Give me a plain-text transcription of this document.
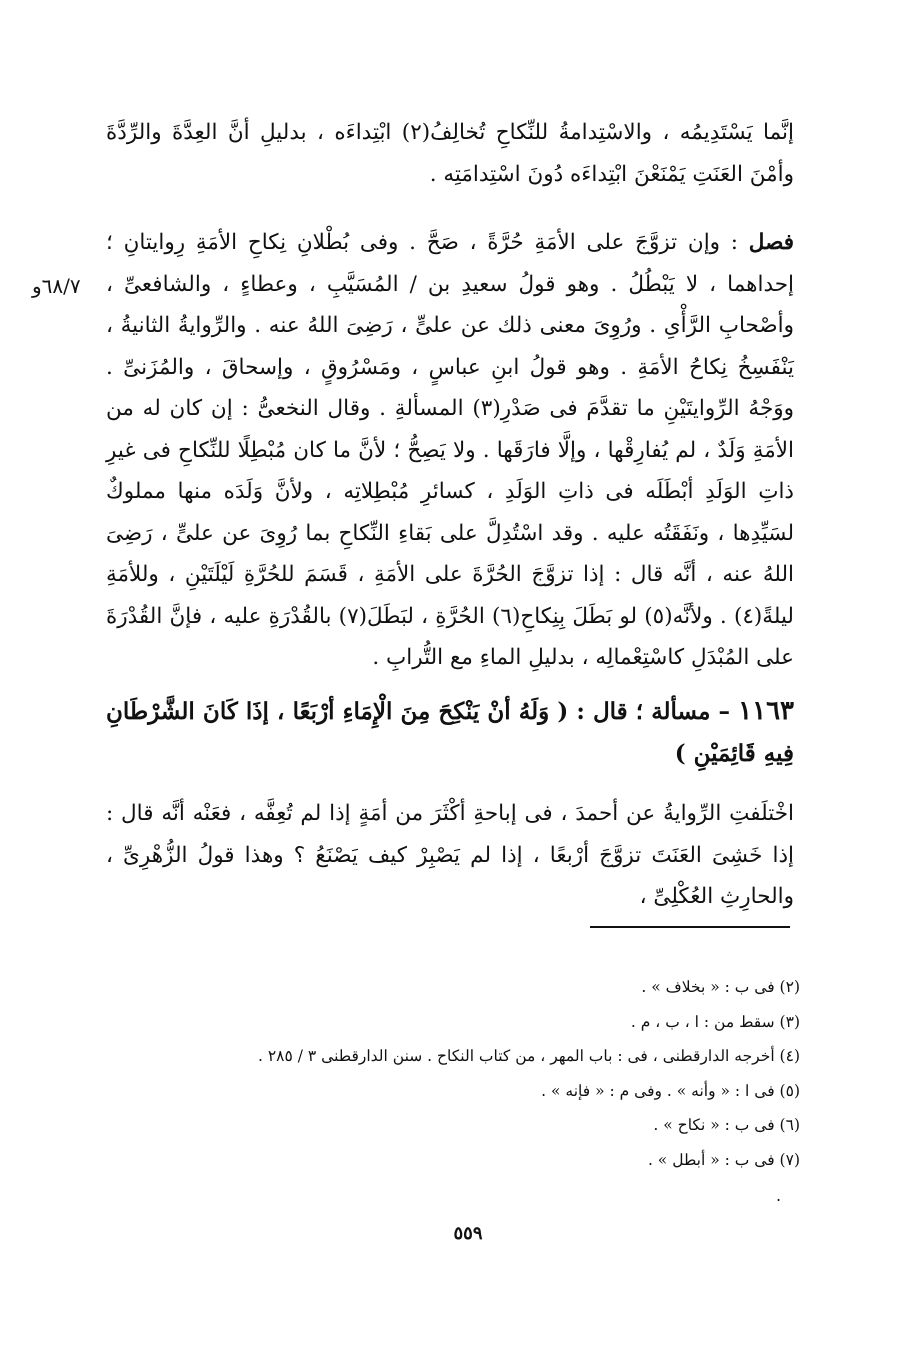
إنَّما يَسْتَدِيمُه ، والاسْتِدامةُ للنِّكاحِ تُخالِفُ(٢) ابْتِداءَه ، بدليلِ أنَّ العِدَّةَ والرِّدَّةَ وأمْنَ العَنَتِ يَمْنَعْنَ ابْتِداءَه دُونَ اسْتِدامَتِه .

فصل : وإن تزوَّجَ على الأمَةِ حُرَّةً ، صَحَّ . وفى بُطْلانِ نِكاحِ الأمَةِ رِوايتانِ ؛ إحداهما ، لا يَبْطُلُ . وهو قولُ سعيدِ بن / المُسَيَّبِ ، وعطاءٍ ، والشافعىِّ ، وأصْحابِ الرَّأْىِ . ورُوِىَ معنى ذلك عن علىٍّ ، رَضِىَ اللهُ عنه . والرِّوايةُ الثانيةُ ، يَنْفَسِخُ نِكاحُ الأمَةِ . وهو قولُ ابنِ عباسٍ ، ومَسْرُوقٍ ، وإسحاقَ ، والمُزَنىِّ . ووَجْهُ الرِّوايتَيْنِ ما تقدَّمَ فى صَدْرِ(٣) المسألةِ . وقال النخعىُّ : إن كان له من الأمَةِ وَلَدٌ ، لم يُفارِقْها ، وإلَّا فارَقَها . ولا يَصِحُّ ؛ لأنَّ ما كان مُبْطِلًا للنِّكاحِ فى غيرِ ذاتِ الوَلَدِ أبْطَلَه فى ذاتِ الوَلَدِ ، كسائرِ مُبْطِلاتِه ، ولأنَّ وَلَدَه منها مملوكٌ لسَيِّدِها ، ونَفَقَتُه عليه . وقد اسْتُدِلَّ على بَقاءِ النِّكاحِ بما رُوِىَ عن علىٍّ ، رَضِىَ اللهُ عنه ، أنَّه قال : إذا تزوَّجَ الحُرَّةَ على الأمَةِ ، قَسَمَ للحُرَّةِ لَيْلَتَيْنِ ، وللأمَةِ ليلةً(٤) . ولأنَّه(٥) لو بَطَلَ بِنِكاحِ(٦) الحُرَّةِ ، لبَطَلَ(٧) بالقُدْرَةِ عليه ، فإنَّ القُدْرَةَ على المُبْدَلِ كاسْتِعْمالِه ، بدليلِ الماءِ مع التُّرابِ .

٦٨/٧و

١١٦٣ – مسألة ؛ قال : ( وَلَهُ أنْ يَنْكِحَ مِنَ الْإِمَاءِ أرْبَعًا ، إذَا كَانَ الشَّرْطَانِ فِيهِ قَائِمَيْنِ )

اخْتلَفتِ الرِّوايةُ عن أحمدَ ، فى إباحةِ أكْثَرَ من أمَةٍ إذا لم تُعِفَّه ، فعَنْه أنَّه قال : إذا خَشِىَ العَنَتَ تزوَّجَ أرْبعًا ، إذا لم يَصْبِرْ كيف يَصْنَعُ ؟ وهذا قولُ الزُّهْرِىِّ ، والحارِثِ العُكْلِىِّ ،

(٢) فى ب : « بخلاف » .
(٣) سقط من : ا ، ب ، م .
(٤) أخرجه الدارقطنى ، فى : باب المهر ، من كتاب النكاح . سنن الدارقطنى ٣ / ٢٨٥ .
(٥) فى ا : « وأنه » . وفى م : « فإنه » .
(٦) فى ب : « نكاح » .
(٧) فى ب : « أبطل » .
.
٥٥٩
